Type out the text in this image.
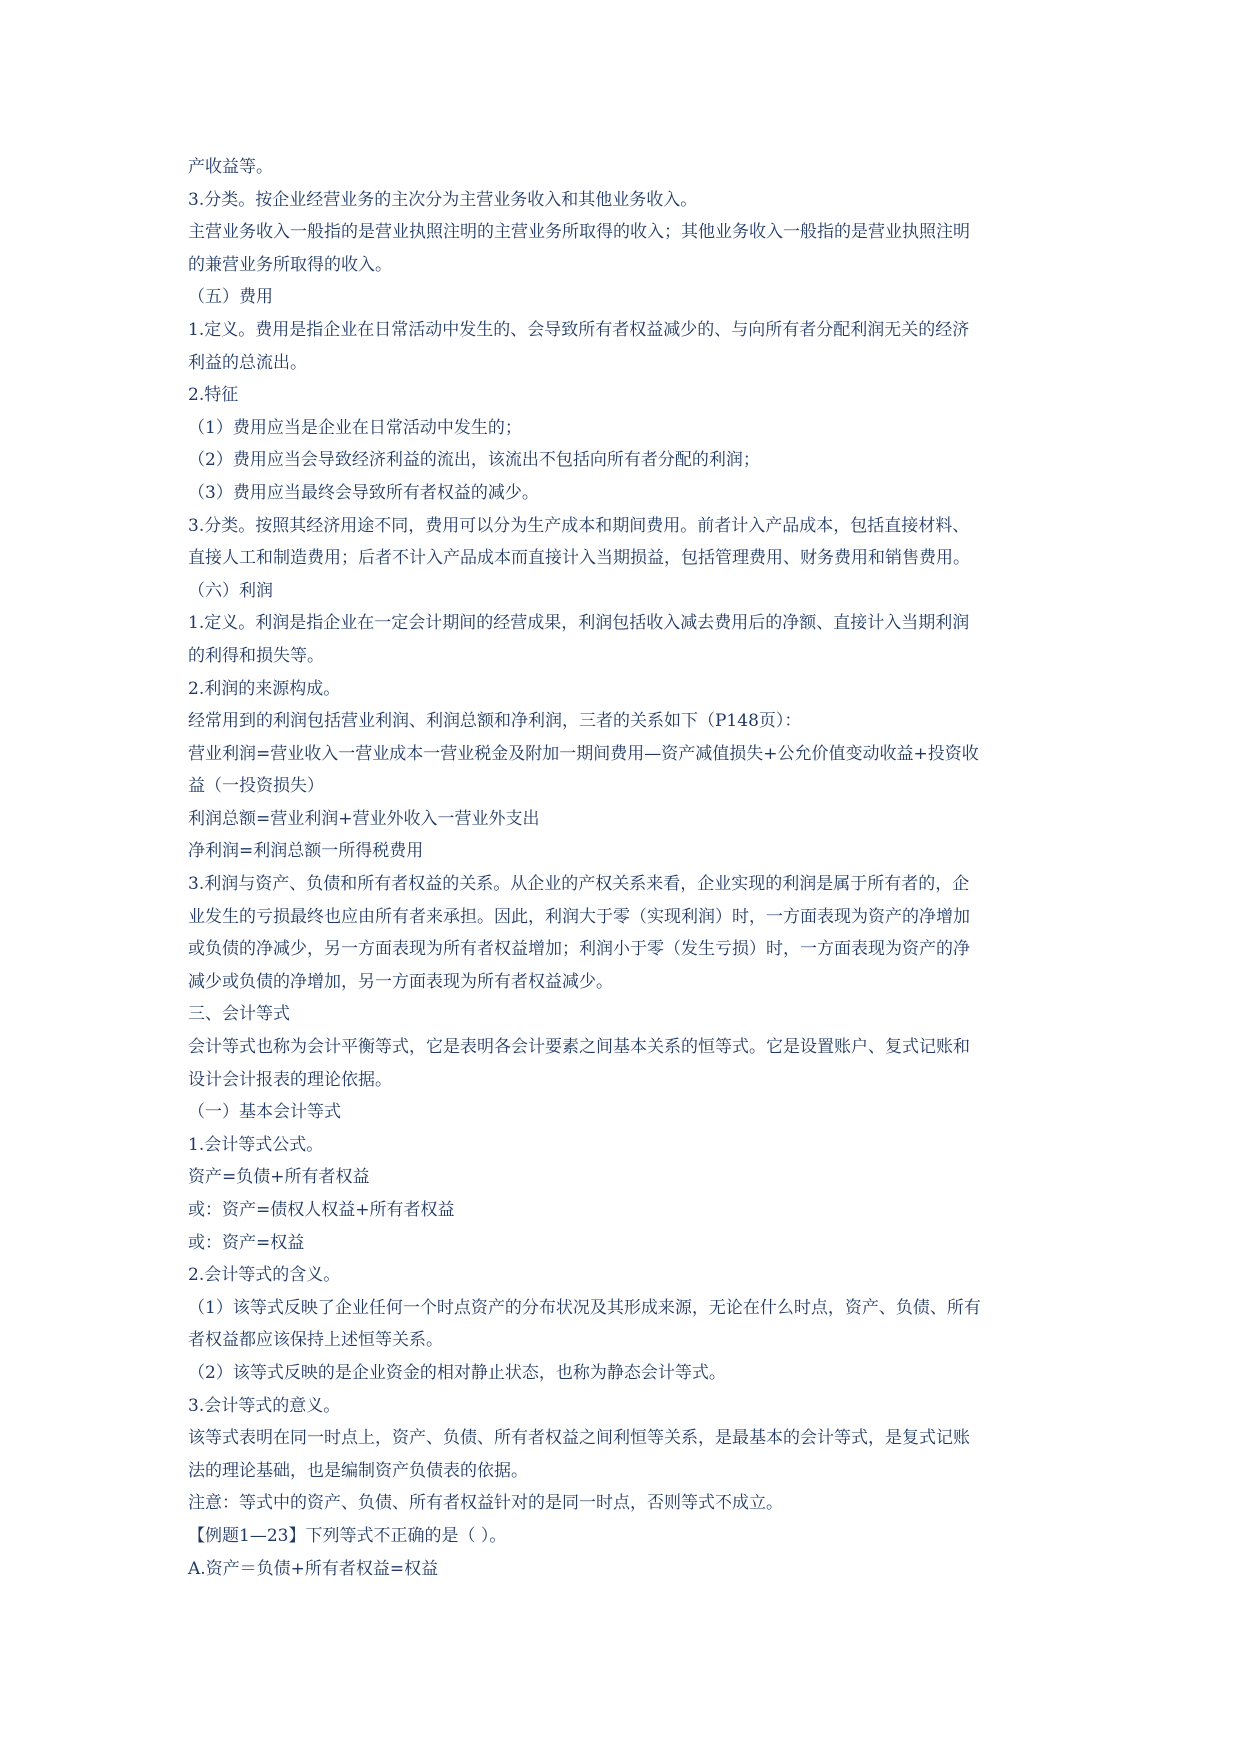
产收益等。
3.分类。按企业经营业务的主次分为主营业务收入和其他业务收入。
主营业务收入一般指的是营业执照注明的主营业务所取得的收入；其他业务收入一般指的是营业执照注明
的兼营业务所取得的收入。
（五）费用
1.定义。费用是指企业在日常活动中发生的、会导致所有者权益减少的、与向所有者分配利润无关的经济
利益的总流出。
2.特征
（1）费用应当是企业在日常活动中发生的；
（2）费用应当会导致经济利益的流出，该流出不包括向所有者分配的利润；
（3）费用应当最终会导致所有者权益的减少。
3.分类。按照其经济用途不同，费用可以分为生产成本和期间费用。前者计入产品成本，包括直接材料、
直接人工和制造费用；后者不计入产品成本而直接计入当期损益，包括管理费用、财务费用和销售费用。
（六）利润
1.定义。利润是指企业在一定会计期间的经营成果，利润包括收入减去费用后的净额、直接计入当期利润
的利得和损失等。
2.利润的来源构成。
经常用到的利润包括营业利润、利润总额和净利润，三者的关系如下（P148页）：
营业利润=营业收入一营业成本一营业税金及附加一期间费用—资产减值损失+公允价值变动收益+投资收
益（一投资损失）
利润总额=营业利润+营业外收入一营业外支出
净利润=利润总额一所得税费用
3.利润与资产、负债和所有者权益的关系。从企业的产权关系来看，企业实现的利润是属于所有者的，企
业发生的亏损最终也应由所有者来承担。因此，利润大于零（实现利润）时，一方面表现为资产的净增加
或负债的净减少，另一方面表现为所有者权益增加；利润小于零（发生亏损）时，一方面表现为资产的净
减少或负债的净增加，另一方面表现为所有者权益减少。
三、会计等式
会计等式也称为会计平衡等式，它是表明各会计要素之间基本关系的恒等式。它是设置账户、复式记账和
设计会计报表的理论依据。
（一）基本会计等式
1.会计等式公式。
资产=负债+所有者权益
或：资产=债权人权益+所有者权益
或：资产=权益
2.会计等式的含义。
（1）该等式反映了企业任何一个时点资产的分布状况及其形成来源，无论在什么时点，资产、负债、所有
者权益都应该保持上述恒等关系。
（2）该等式反映的是企业资金的相对静止状态，也称为静态会计等式。
3.会计等式的意义。
该等式表明在同一时点上，资产、负债、所有者权益之间利恒等关系，是最基本的会计等式，是复式记账
法的理论基础，也是编制资产负债表的依据。
注意：等式中的资产、负债、所有者权益针对的是同一时点，否则等式不成立。
【例题1—23】下列等式不正确的是（ ）。
A.资产＝负债+所有者权益=权益
